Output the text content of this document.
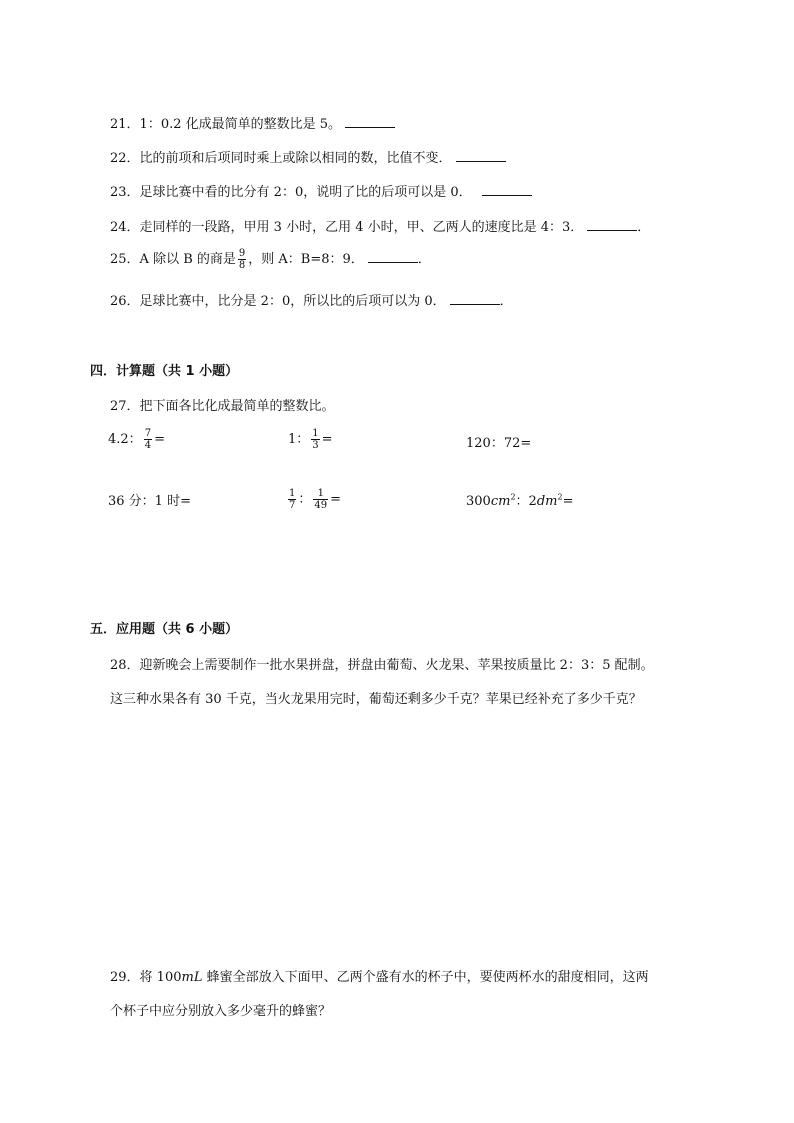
21．1：0.2 化成最简单的整数比是 5。
22．比的前项和后项同时乘上或除以相同的数，比值不变．
23．足球比赛中看的比分有 2：0，说明了比的后项可以是 0．
24．走同样的一段路，甲用 3 小时，乙用 4 小时，甲、乙两人的速度比是 4：3．	．
25．A 除以 B 的商是 $\frac{9}{8}$ ，则 A：B=8：9．	．
26．足球比赛中，比分是 2：0，所以比的后项可以为 0．	．
四．计算题（共 1 小题）
27．把下面各比化成最简单的整数比。
4.2： $\frac{7}{4}$ =	1： $\frac{1}{3}$ =	120：72=
36 分：1 时=	$\frac{1}{7}$ ： $\frac{1}{49}$ =	$300cm^2$：$2dm^2=$
五．应用题（共 6 小题）
28．迎新晚会上需要制作一批水果拼盘，拼盘由葡萄、火龙果、苹果按质量比 2：3：5 配制。
这三种水果各有 30 千克，当火龙果用完时，葡萄还剩多少千克？苹果已经补充了多少千克？
29．将 100mL 蜂蜜全部放入下面甲、乙两个盛有水的杯子中，要使两杯水的甜度相同，这两
个杯子中应分别放入多少毫升的蜂蜜？
